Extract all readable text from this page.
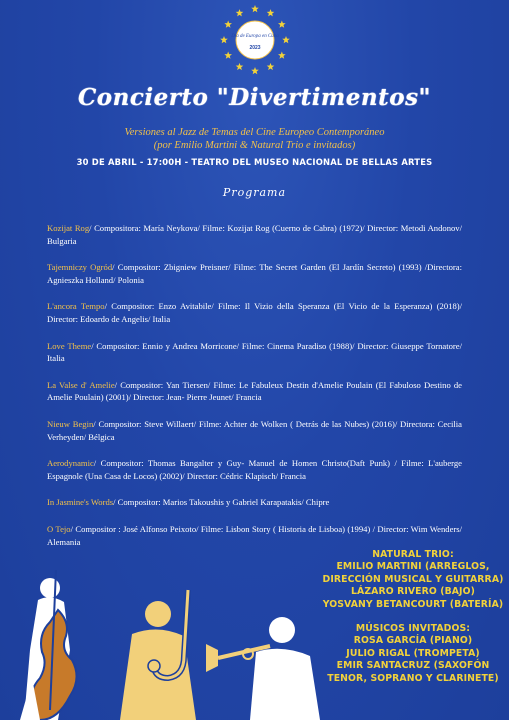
Día de Europa en Cuba
2023
Concierto "Divertimentos"
Versiones al Jazz de Temas del Cine Europeo Contemporáneo
(por Emilio Martini & Natural Trio e invitados)
30 DE ABRIL - 17:00H - TEATRO DEL MUSEO NACIONAL DE BELLAS ARTES
Programa
Kozijat Rog/ Compositora: María Neykova/ Filme: Kozijat Rog (Cuerno de Cabra) (1972)/ Director: Metodi Andonov/ Bulgaria
Tajemniczy Ogród/ Compositor: Zbigniew Preisner/ Filme: The Secret Garden (El Jardín Secreto) (1993) /Directora: Agnieszka Holland/ Polonia
L'ancora Tempo/ Compositor: Enzo Avitabile/ Filme: Il Vizio della Speranza (El Vicio de la Esperanza) (2018)/ Director: Edoardo de Angelis/ Italia
Love Theme/ Compositor: Ennio y Andrea Morricone/ Filme: Cinema Paradiso (1988)/ Director: Giuseppe Tornatore/ Italia
La Valse d' Amelie/ Compositor: Yan Tiersen/ Filme: Le Fabuleux Destin d'Amelie Poulain (El Fabuloso Destino de Amelie Poulain) (2001)/ Director: Jean- Pierre Jeunet/ Francia
Nieuw Begin/ Compositor: Steve Willaert/ Filme: Achter de Wolken ( Detrás de las Nubes) (2016)/ Directora: Cecilia Verheyden/ Bélgica
Aerodynamic/ Compositor: Thomas Bangalter y Guy- Manuel de Homen Christo(Daft Punk) / Filme: L'auberge Espagnole (Una Casa de Locos) (2002)/ Director: Cédric Klapisch/ Francia
In Jasmine's Words/ Compositor: Marios Takoushis y Gabriel Karapatakis/ Chipre
O Tejo/ Compositor : José Alfonso Peixoto/ Filme: Lisbon Story ( Historia de Lisboa) (1994) / Director: Wim Wenders/ Alemania
NATURAL TRIO:
EMILIO MARTINI (ARREGLOS,
DIRECCIÓN MUSICAL Y GUITARRA)
LÁZARO RIVERO (BAJO)
YOSVANY BETANCOURT (BATERÍA)
MÚSICOS INVITADOS:
ROSA GARCÍA (PIANO)
JULIO RIGAL (TROMPETA)
EMIR SANTACRUZ (SAXOFÓN
TENOR, SOPRANO Y CLARINETE)
